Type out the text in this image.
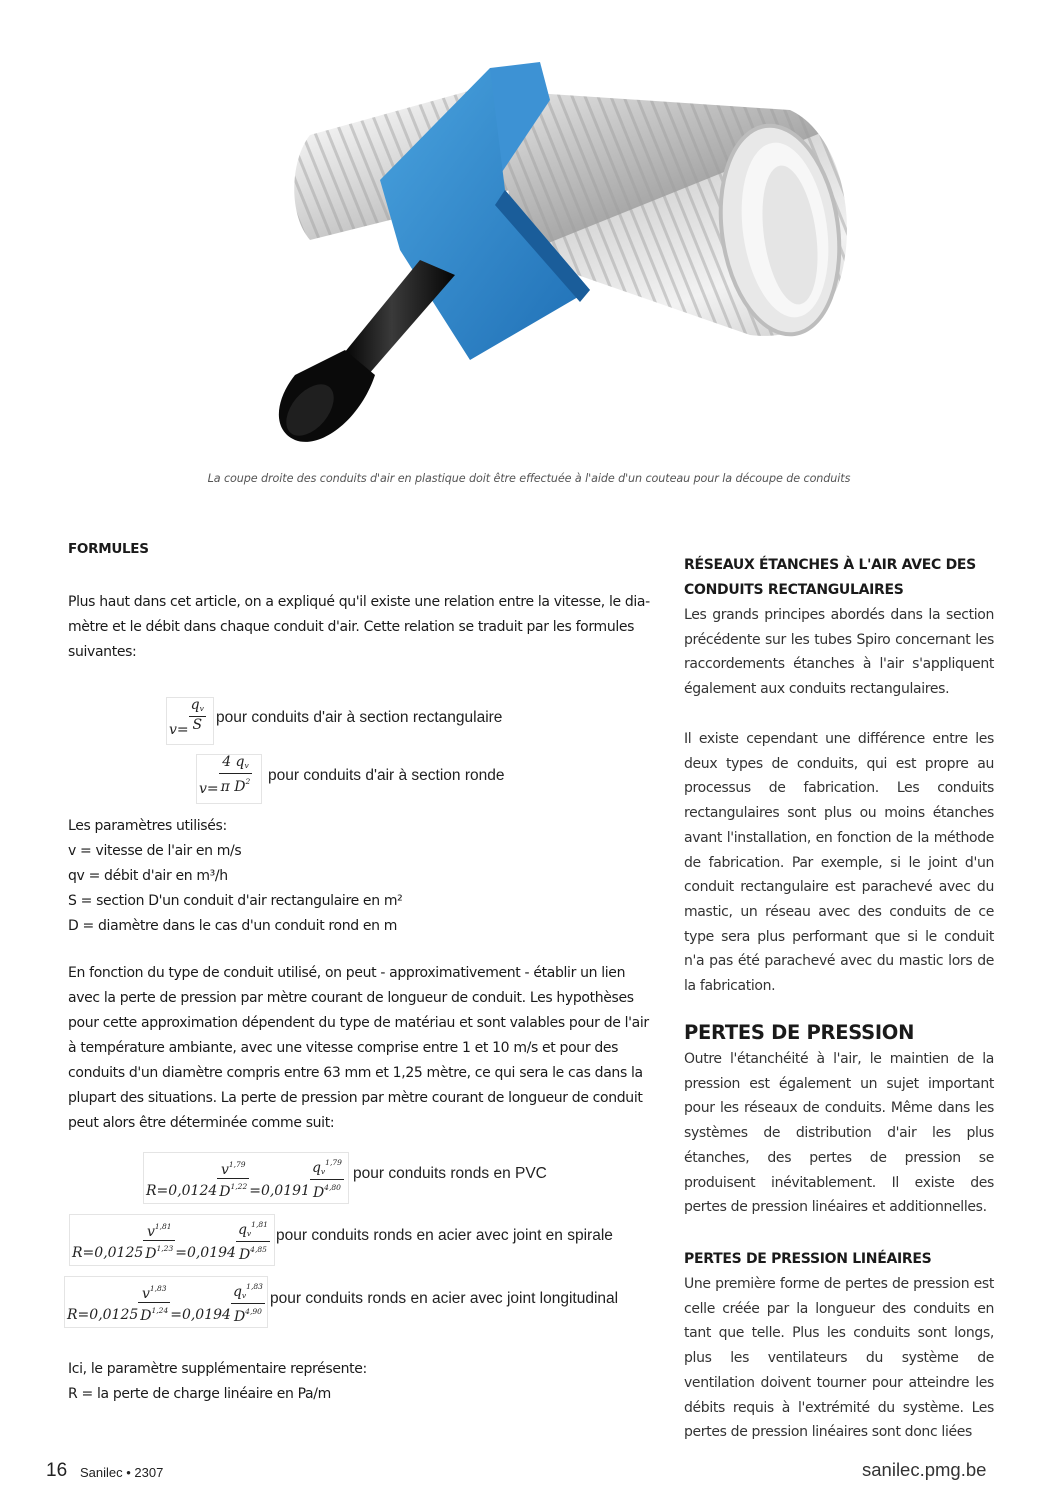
La coupe droite des conduits d'air en plastique doit être effectuée à l'aide d'un couteau pour la découpe de conduits
FORMULES
Plus haut dans cet article, on a expliqué qu'il existe une relation entre la vitesse, le dia-
mètre et le débit dans chaque conduit d'air. Cette relation se traduit par les formules
suivantes:
$v= \frac{q_v}{S}$ pour conduits d'air à section rectangulaire
$v= \frac{4 q_v}{\pi D^2}$ pour conduits d'air à section ronde
Les paramètres utilisés:
v = vitesse de l'air en m/s
qv = débit d'air en m³/h
S = section D'un conduit d'air rectangulaire en m²
D = diamètre dans le cas d'un conduit rond en m
En fonction du type de conduit utilisé, on peut - approximativement - établir un lien
avec la perte de pression par mètre courant de longueur de conduit. Les hypothèses
pour cette approximation dépendent du type de matériau et sont valables pour de l'air
à température ambiante, avec une vitesse comprise entre 1 et 10 m/s et pour des
conduits d'un diamètre compris entre 63 mm et 1,25 mètre, ce qui sera le cas dans la
plupart des situations. La perte de pression par mètre courant de longueur de conduit
peut alors être déterminée comme suit:
$R=0,0124 \frac{v^{1,79}}{D^{1,22}} =0,0191 \frac{q_v^{1,79}}{D^{4,80}}$ pour conduits ronds en PVC
$R=0,0125 \frac{v^{1,81}}{D^{1,23}} =0,0194 \frac{q_v^{1,81}}{D^{4,85}}$ pour conduits ronds en acier avec joint en spirale
$R=0,0125 \frac{v^{1,83}}{D^{1,24}} =0,0194 \frac{q_v^{1,83}}{D^{4,90}}$ pour conduits ronds en acier avec joint longitudinal
Ici, le paramètre supplémentaire représente:
R = la perte de charge linéaire en Pa/m
RÉSEAUX ÉTANCHES À L'AIR AVEC DES
CONDUITS RECTANGULAIRES
Les grands principes abordés dans la section précédente sur les tubes Spiro concernant les raccordements étanches à l'air s'appliquent également aux conduits rectangulaires.
Il existe cependant une différence entre les deux types de conduits, qui est propre au processus de fabrication. Les conduits rectangulaires sont plus ou moins étanches avant l'installation, en fonction de la méthode de fabrication. Par exemple, si le joint d'un conduit rectangulaire est parachevé avec du mastic, un réseau avec des conduits de ce type sera plus performant que si le conduit n'a pas été parachevé avec du mastic lors de la fabrication.
PERTES DE PRESSION
Outre l'étanchéité à l'air, le maintien de la pression est également un sujet important pour les réseaux de conduits. Même dans les systèmes de distribution d'air les plus étanches, des pertes de pression se produisent inévitablement. Il existe des pertes de pression linéaires et additionnelles.
PERTES DE PRESSION LINÉAIRES
Une première forme de pertes de pression est celle créée par la longueur des conduits en tant que telle. Plus les conduits sont longs, plus les ventilateurs du système de ventilation doivent tourner pour atteindre les débits requis à l'extrémité du système. Les pertes de pression linéaires sont donc liées
16 Sanilec • 2307	sanilec.pmg.be
